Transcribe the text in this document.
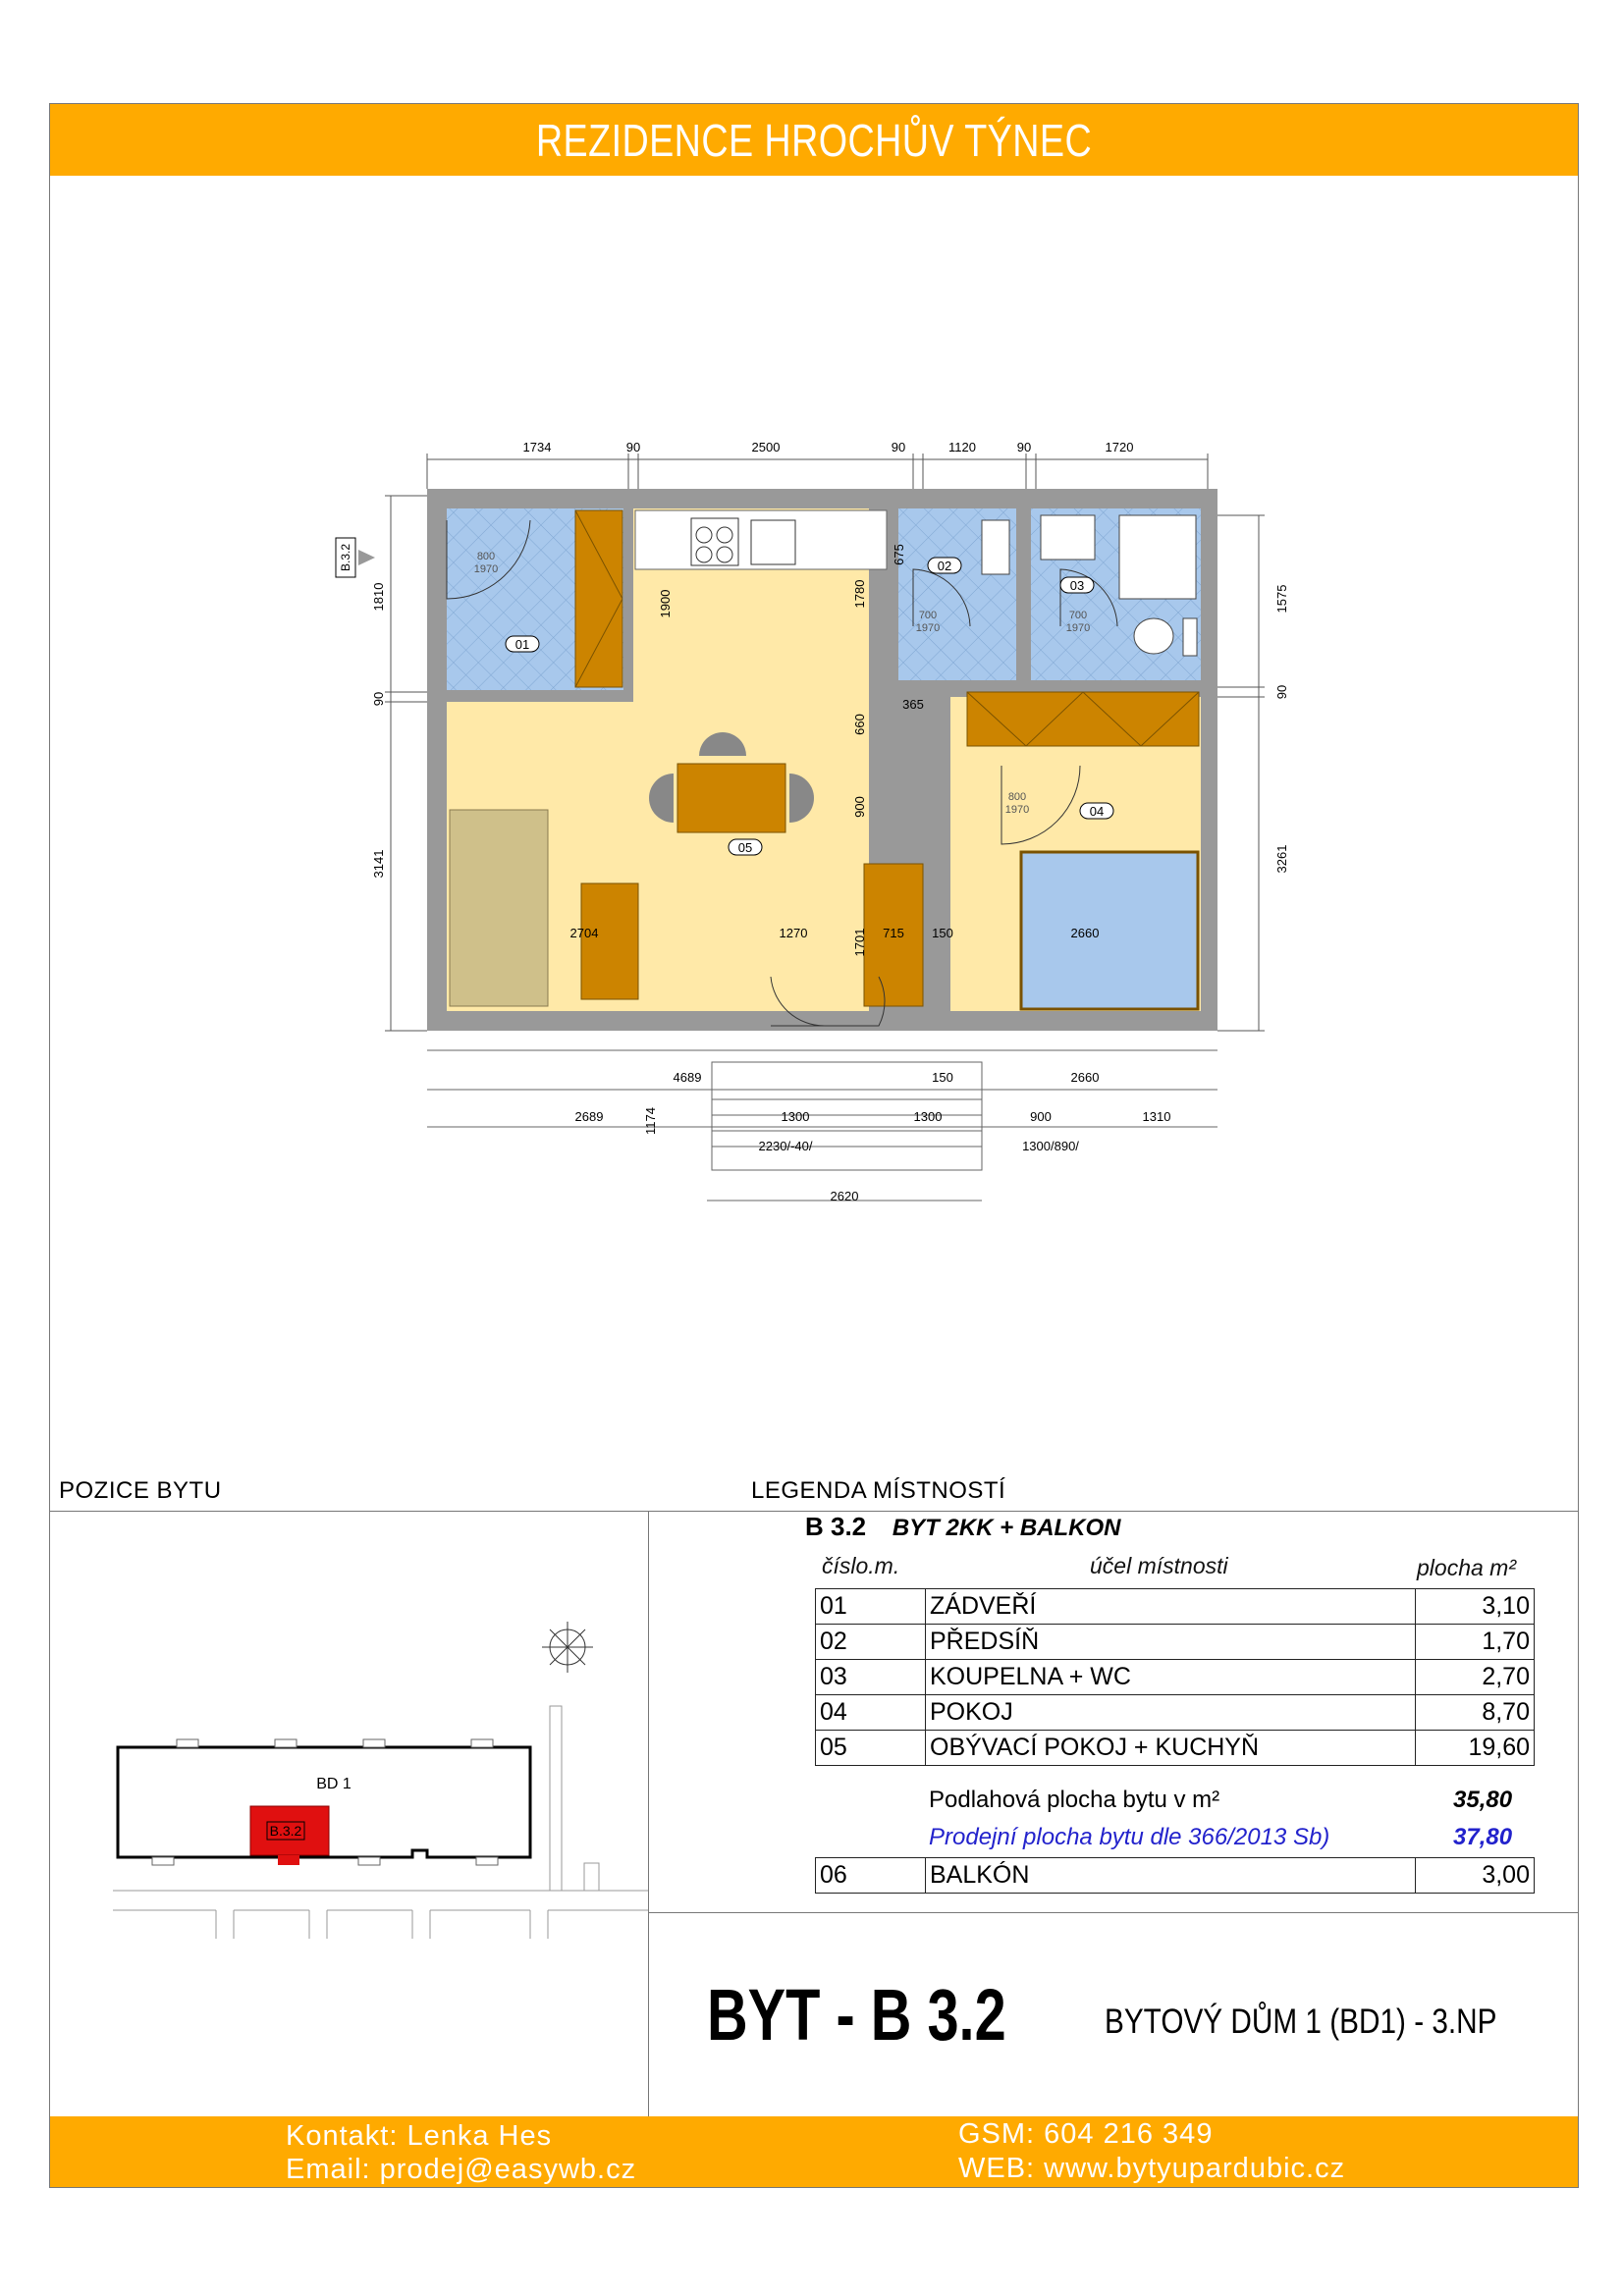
REZIDENCE HROCHŮV TÝNEC
1734	90	2500	90	1120	90	1720
1810
90
3141
1575
90
3261
800
1970
700
1970
700
1970
800
1970
1900	1780
675
660
365
900
2704	1270	1701 715 150	2660
01
02
03
04
05
B.3.2
4689	150	2660
2689	1174	1300	1300	900	1310
2230/-40/	1300/890/
2620
POZICE BYTU	LEGENDA MÍSTNOSTÍ
BD 1
B.3.2
B 3.2 BYT 2KK + BALKON
číslo.m.	účel místnosti	plocha m²
01	ZÁDVEŘÍ	3,10
02	PŘEDSÍŇ	1,70
03	KOUPELNA + WC	2,70
04	POKOJ	8,70
05	OBÝVACÍ POKOJ + KUCHYŇ	19,60
Podlahová plocha bytu v m²	35,80
Prodejní plocha bytu dle 366/2013 Sb)	37,80
06	BALKÓN	3,00
BYT - B 3.2	BYTOVÝ DŮM 1 (BD1) - 3.NP
Kontakt: Lenka Hes
Email: prodej@easywb.cz
GSM: 604 216 349
WEB: www.bytyupardubic.cz
